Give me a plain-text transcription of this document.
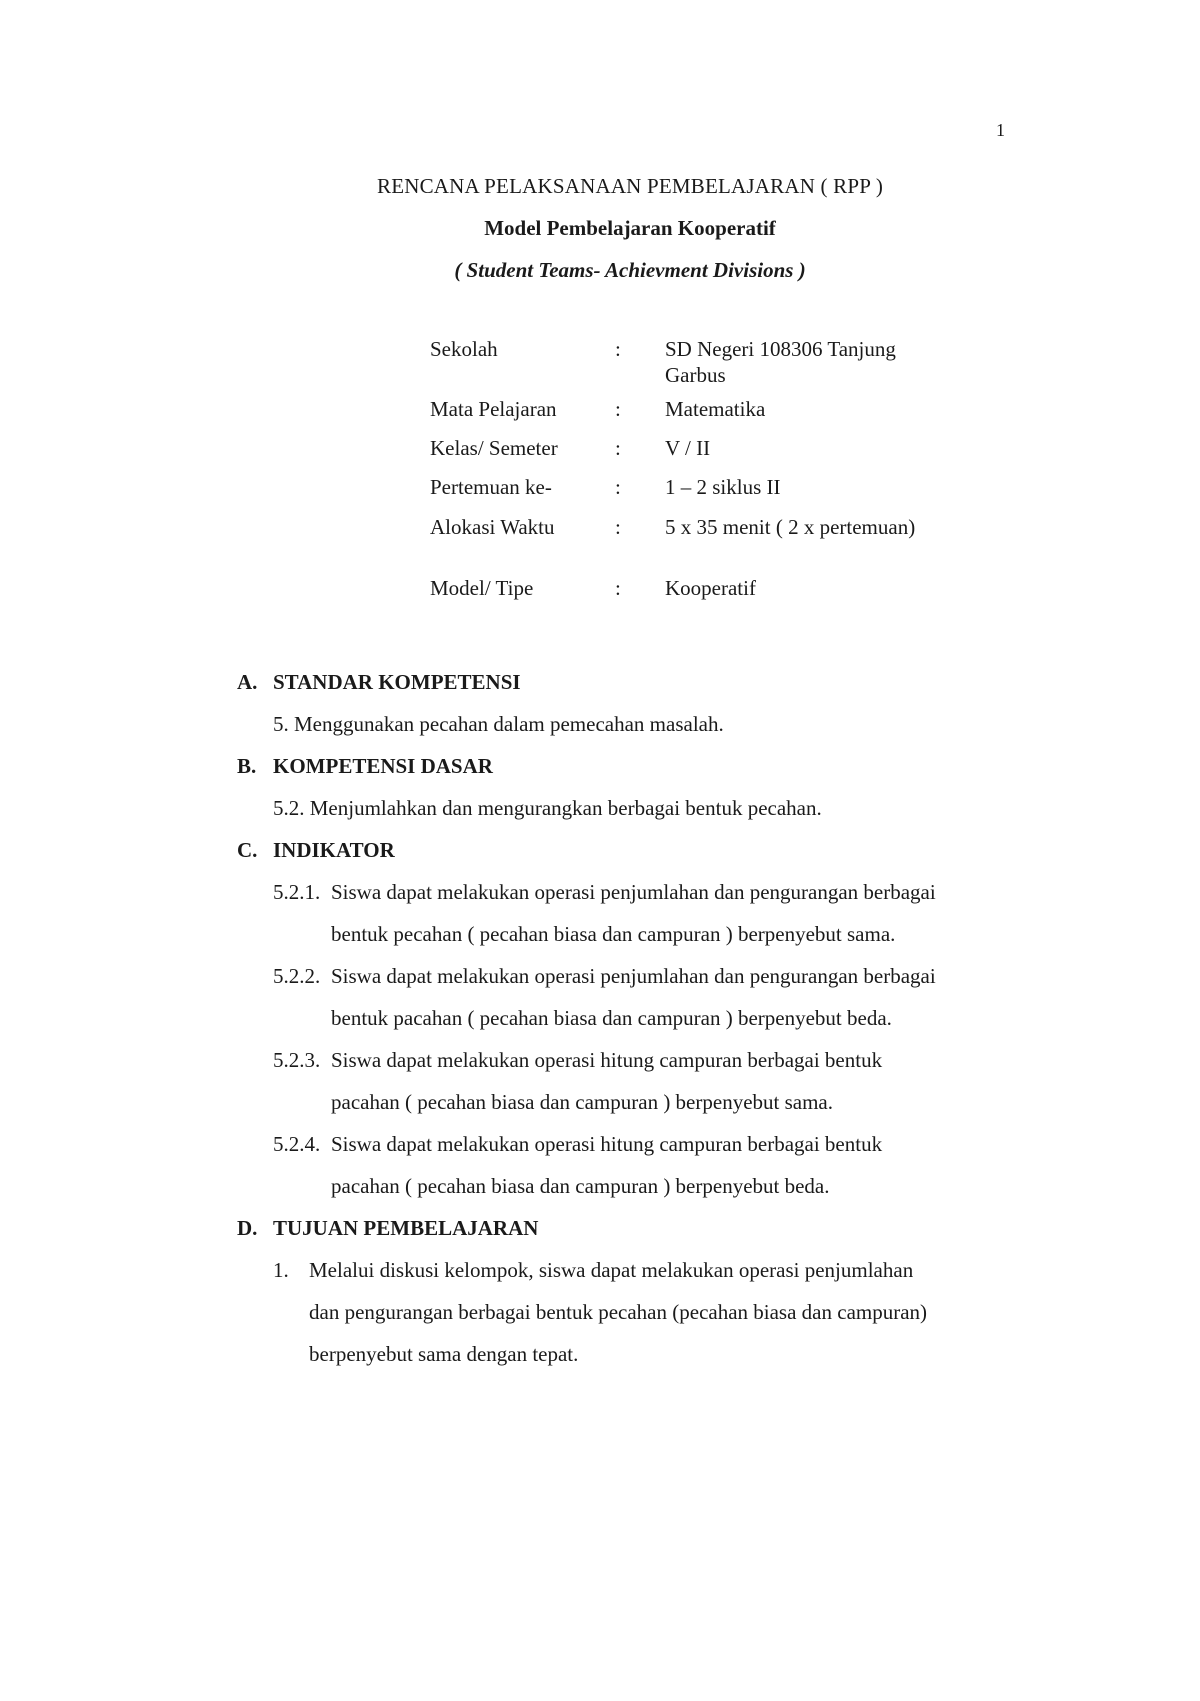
1
RENCANA PELAKSANAAN PEMBELAJARAN ( RPP )
Model Pembelajaran Kooperatif
( Student Teams- Achievment Divisions )
Sekolah	:	SD Negeri 108306 Tanjung Garbus
Mata Pelajaran	:	Matematika
Kelas/ Semeter	:	V / II
Pertemuan ke-	:	1 – 2 siklus II
Alokasi Waktu	:	5 x 35 menit ( 2 x pertemuan)
Model/ Tipe	:	Kooperatif
A. STANDAR KOMPETENSI
5. Menggunakan pecahan dalam pemecahan masalah.
B. KOMPETENSI DASAR
5.2. Menjumlahkan dan mengurangkan berbagai bentuk pecahan.
C. INDIKATOR
5.2.1. Siswa dapat melakukan operasi penjumlahan dan pengurangan berbagai
bentuk pecahan ( pecahan biasa dan campuran ) berpenyebut sama.
5.2.2. Siswa dapat melakukan operasi penjumlahan dan pengurangan berbagai
bentuk pacahan ( pecahan biasa dan campuran ) berpenyebut beda.
5.2.3. Siswa dapat melakukan operasi hitung campuran berbagai bentuk
pacahan ( pecahan biasa dan campuran ) berpenyebut sama.
5.2.4. Siswa dapat melakukan operasi hitung campuran berbagai bentuk
pacahan ( pecahan biasa dan campuran ) berpenyebut beda.
D. TUJUAN PEMBELAJARAN
1. Melalui diskusi kelompok, siswa dapat melakukan operasi penjumlahan
dan pengurangan berbagai bentuk pecahan (pecahan biasa dan campuran)
berpenyebut sama dengan tepat.
